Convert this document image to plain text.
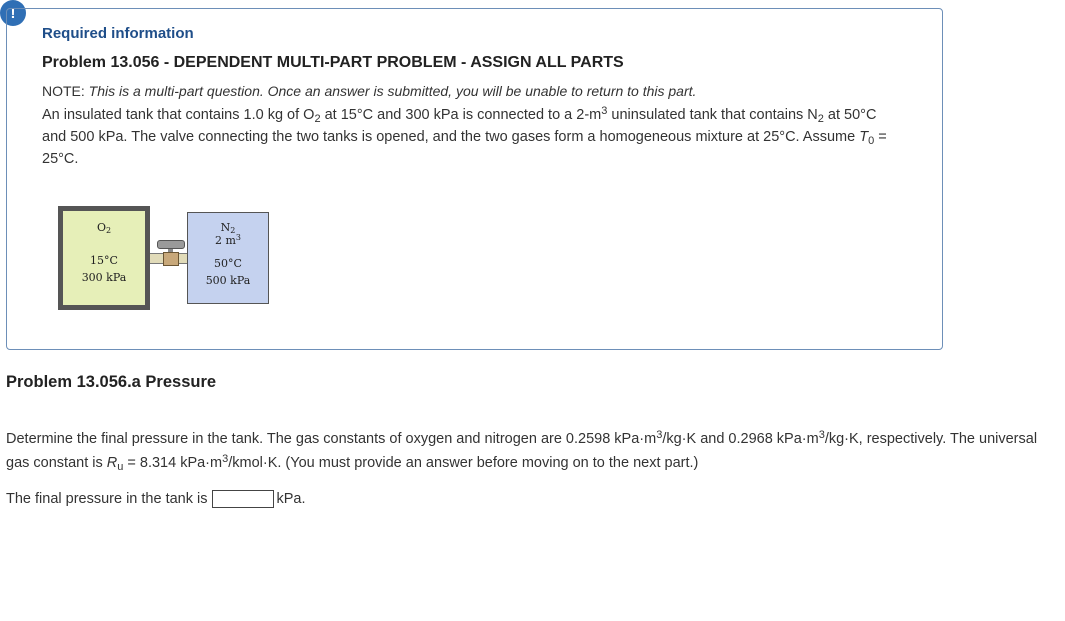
!
Required information
Problem 13.056 - DEPENDENT MULTI-PART PROBLEM - ASSIGN ALL PARTS
NOTE: This is a multi-part question. Once an answer is submitted, you will be unable to return to this part.
An insulated tank that contains 1.0 kg of $O_2$ at 15°C and 300 kPa is connected to a $2-m^3$ uninsulated tank that contains $N_2$ at 50°C and 500 kPa. The valve connecting the two tanks is opened, and the two gases form a homogeneous mixture at 25°C. Assume $T_0 = 25^\circ C$.
$O_2$
15°C
300 kPa
$N_2$
2 $m^3$
50°C
500 kPa
Problem 13.056.a Pressure
Determine the final pressure in the tank. The gas constants of oxygen and nitrogen are 0.2598 $kPa\cdot m^3/kg\cdot K$ and 0.2968 $kPa\cdot m^3/kg\cdot K$, respectively. The universal gas constant is $R_u = 8.314$ $kPa\cdot m^3/kmol\cdot K$. (You must provide an answer before moving on to the next part.)
The final pressure in the tank is	kPa.
